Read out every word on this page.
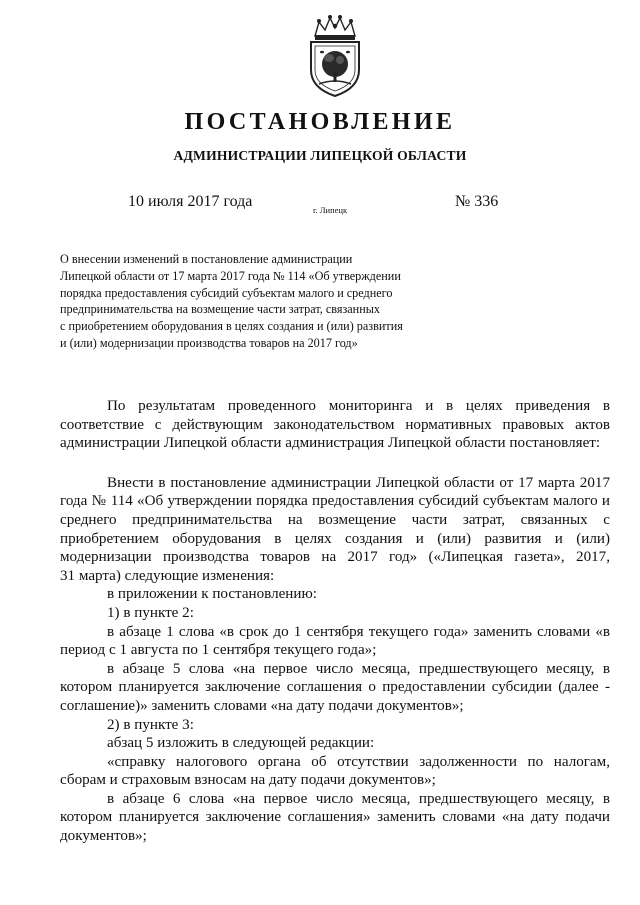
ПОСТАНОВЛЕНИЕ
АДМИНИСТРАЦИИ ЛИПЕЦКОЙ ОБЛАСТИ
10 июля 2017 года	г. Липецк	№ 336
О внесении изменений в постановление администрации
Липецкой области от 17 марта 2017 года № 114 «Об утверждении
порядка предоставления субсидий субъектам малого и среднего
предпринимательства на возмещение части затрат, связанных
с приобретением оборудования в целях создания и (или) развития
и (или) модернизации производства товаров на 2017 год»
По результатам проведенного мониторинга и в целях приведения в
соответствие с действующим законодательством нормативных правовых актов
администрации Липецкой области администрация Липецкой области постановляет:
Внести в постановление администрации Липецкой области от 17 марта 2017
года № 114 «Об утверждении порядка предоставления субсидий субъектам малого и
среднего предпринимательства на возмещение части затрат, связанных с
приобретением оборудования в целях создания и (или) развития и (или)
модернизации производства товаров на 2017 год» («Липецкая газета», 2017,
31 марта) следующие изменения:
в приложении к постановлению:
1) в пункте 2:
в абзаце 1 слова «в срок до 1 сентября текущего года» заменить словами «в
период с 1 августа по 1 сентября текущего года»;
в абзаце 5 слова «на первое число месяца, предшествующего месяцу, в
котором планируется заключение соглашения о предоставлении субсидии (далее -
соглашение)» заменить словами «на дату подачи документов»;
2) в пункте 3:
абзац 5 изложить в следующей редакции:
«справку налогового органа об отсутствии задолженности по налогам,
сборам и страховым взносам на дату подачи документов»;
в абзаце 6 слова «на первое число месяца, предшествующего месяцу, в
котором планируется заключение соглашения» заменить словами «на дату подачи
документов»;
